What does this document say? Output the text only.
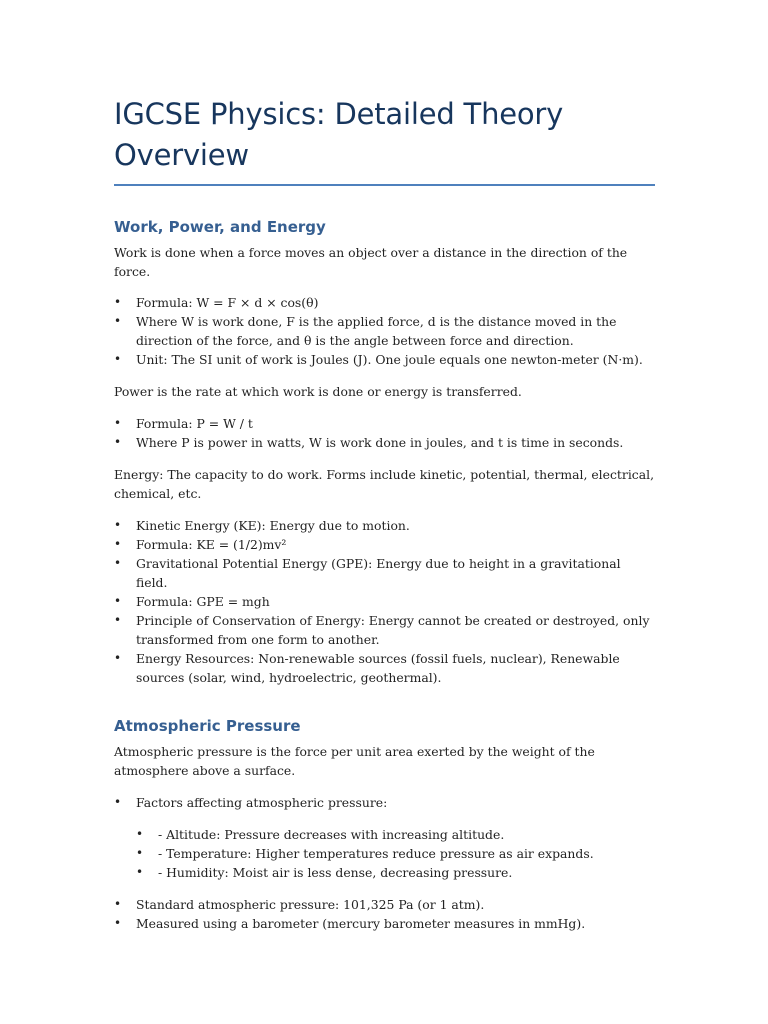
IGCSE Physics: Detailed Theory Overview
Work, Power, and Energy

Work is done when a force moves an object over a distance in the direction of the force.

• Formula: W = F × d × cos(θ)
• Where W is work done, F is the applied force, d is the distance moved in the direction of the force, and θ is the angle between force and direction.
• Unit: The SI unit of work is Joules (J). One joule equals one newton-meter (N·m).

Power is the rate at which work is done or energy is transferred.

• Formula: P = W / t
• Where P is power in watts, W is work done in joules, and t is time in seconds.

Energy: The capacity to do work. Forms include kinetic, potential, thermal, electrical, chemical, etc.

• Kinetic Energy (KE): Energy due to motion.
• Formula: KE = (1/2)mv²
• Gravitational Potential Energy (GPE): Energy due to height in a gravitational field.
• Formula: GPE = mgh
• Principle of Conservation of Energy: Energy cannot be created or destroyed, only transformed from one form to another.
• Energy Resources: Non-renewable sources (fossil fuels, nuclear), Renewable sources (solar, wind, hydroelectric, geothermal).
Atmospheric Pressure

Atmospheric pressure is the force per unit area exerted by the weight of the atmosphere above a surface.

• Factors affecting atmospheric pressure:
• - Altitude: Pressure decreases with increasing altitude.
• - Temperature: Higher temperatures reduce pressure as air expands.
• - Humidity: Moist air is less dense, decreasing pressure.
• Standard atmospheric pressure: 101,325 Pa (or 1 atm).
• Measured using a barometer (mercury barometer measures in mmHg).
